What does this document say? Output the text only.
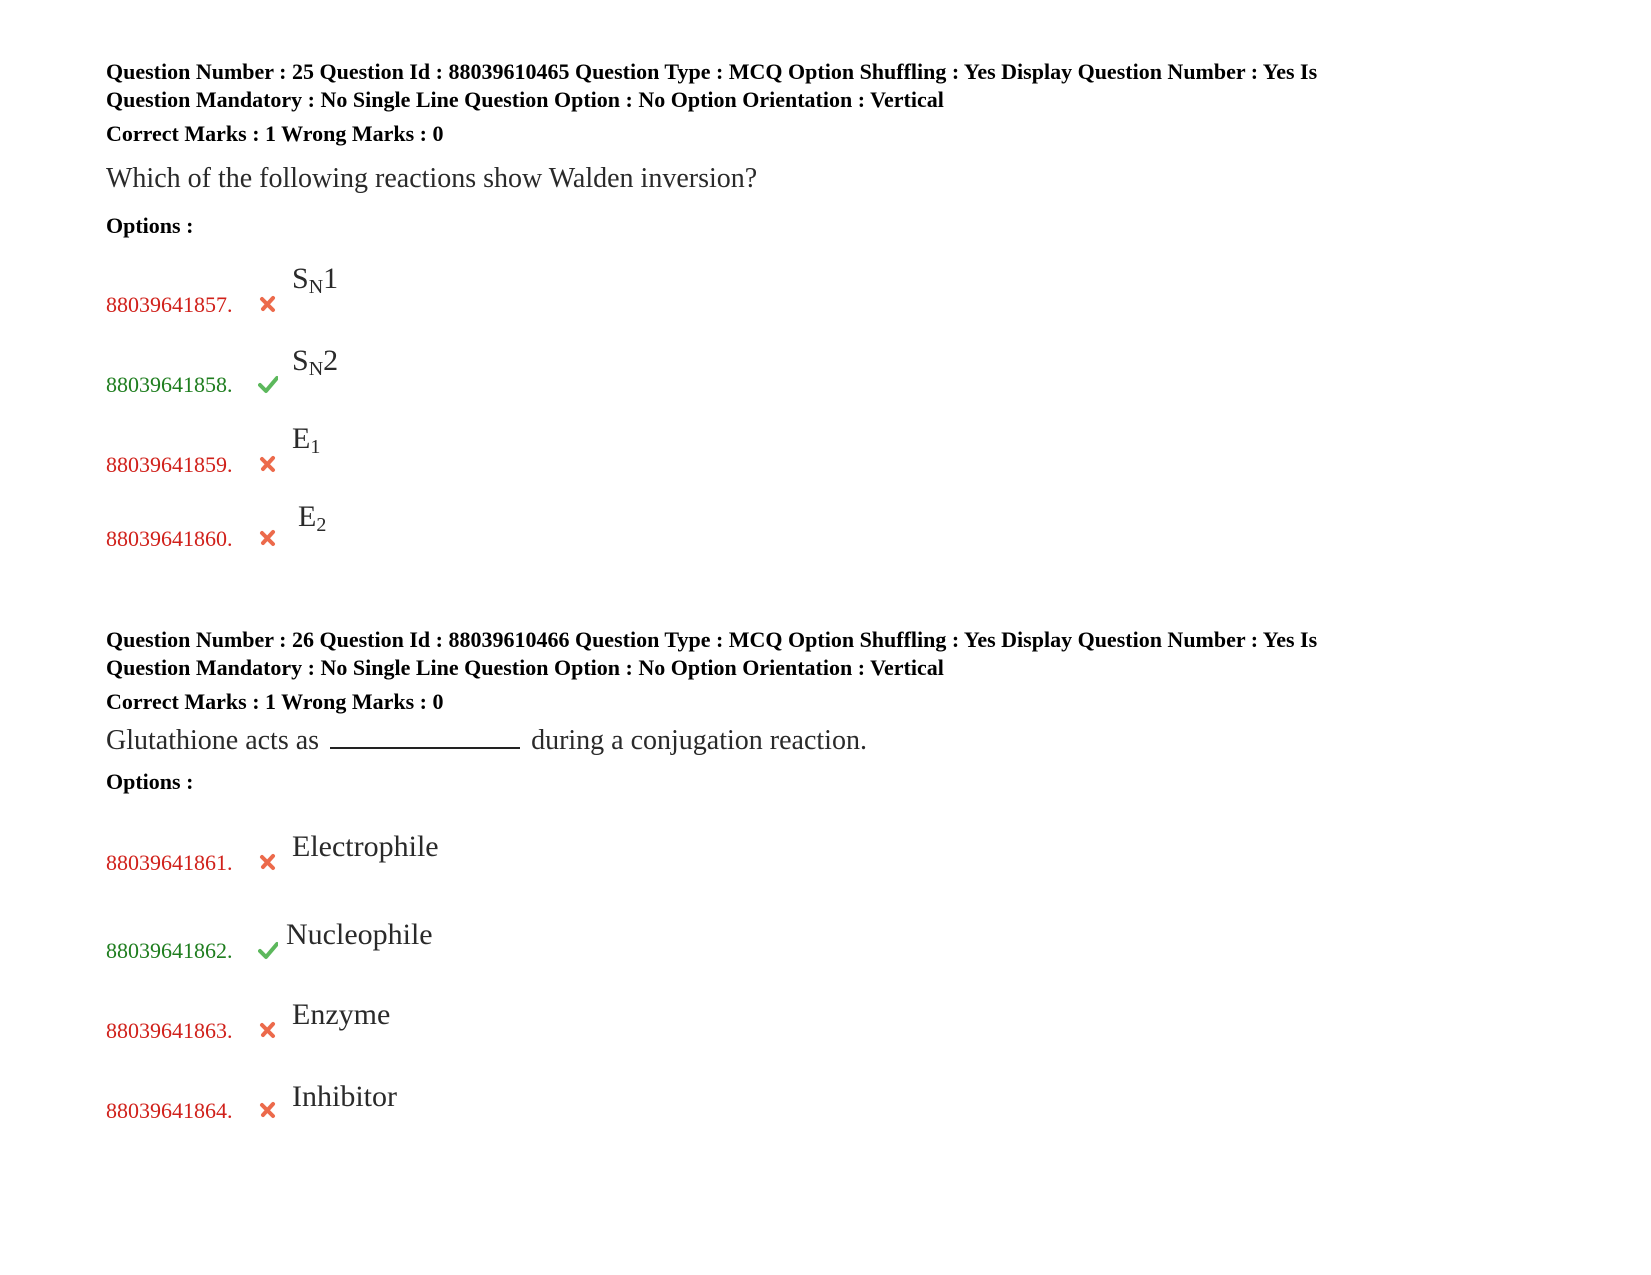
Question Number : 25 Question Id : 88039610465 Question Type : MCQ Option Shuffling : Yes Display Question Number : Yes Is
Question Mandatory : No Single Line Question Option : No Option Orientation : Vertical
Correct Marks : 1 Wrong Marks : 0
Which of the following reactions show Walden inversion?
Options :
88039641857.
$S_N1$
88039641858.
$S_N2$
88039641859.
$E_1$
88039641860.
$E_2$
Question Number : 26 Question Id : 88039610466 Question Type : MCQ Option Shuffling : Yes Display Question Number : Yes Is
Question Mandatory : No Single Line Question Option : No Option Orientation : Vertical
Correct Marks : 1 Wrong Marks : 0
Glutathione acts as	during a conjugation reaction.
Options :
88039641861. Electrophile
88039641862. Nucleophile
88039641863. Enzyme
88039641864. Inhibitor
